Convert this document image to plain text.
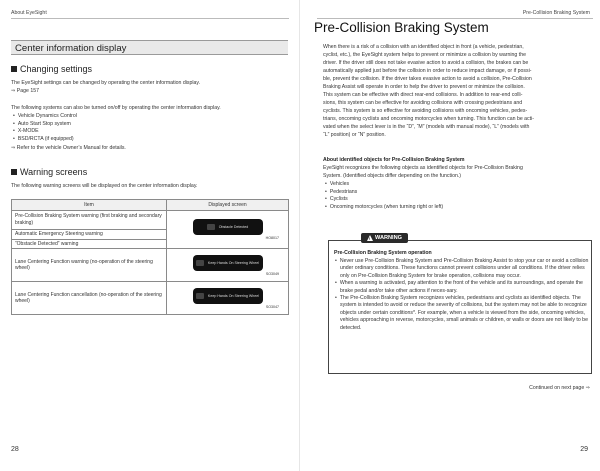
About EyeSight
Center information display
Changing settings
The EyeSight settings can be changed by operating the center information display.
⇒ Page 157
The following systems can also be turned on/off by operating the center information display.
• Vehicle Dynamics Control
• Auto Start Stop system
• X-MODE
• BSD/RCTA (if equipped)
⇒ Refer to the vehicle Owner’s Manual for details.
Warning screens
The following warning screens will be displayed on the center information display.
Item	Displayed screen
Pre-Collision Braking System warning (first braking and secondary braking)	Obstacle Detected
HO8017

Automatic Emergency Steering warning	
“Obstacle Detected” warning	
Lane Centering Function warning (no-operation of the steering wheel)	Keep Hands On Steering Wheel
SO3049

Lane Centering Function cancellation (no-operation of the steering wheel)	Keep Hands On Steering Wheel
SO3047
28
Pre-Collision Braking System
Pre-Collision Braking System
When there is a risk of a collision with an identified object in front (a vehicle, pedestrian,
cyclist, etc.), the EyeSight system helps to prevent or minimize a collision by warning the
driver. If the driver still does not take evasive action to avoid a collision, the brakes can be
automatically applied just before the collision in order to reduce impact damage, or if possi-
ble, prevent the collision. If the driver takes evasive action to avoid a collision, Pre-Collision
Braking Assist will operate in order to help the driver to prevent or minimize the collision.
This system can be effective with direct rear-end collisions. In addition to rear-end colli-
sions, this system can be effective for avoiding collisions with crossing pedestrians and
cyclists. This system is so effective for avoiding collisions with oncoming vehicles, pedes-
trians, oncoming cyclists and oncoming motorcycles when turning. This function can be acti-
vated when the select lever is in the “D”, “M” (models with manual mode), “L” (models with
“L” position) or “N” position.
About identified objects for Pre-Collision Braking System
EyeSight recognizes the following objects as identified objects for Pre-Collision Braking
System. (Identified objects differ depending on the function.)
• Vehicles
• Pedestrians
• Cyclists
• Oncoming motorcycles (when turning right or left)
!
WARNING
Pre-Collision Braking System operation
• Never use Pre-Collision Braking System and Pre-Collision Braking Assist to stop your car or avoid a collision under ordinary conditions. These functions cannot prevent collisions under all conditions. If the driver relies only on Pre-Collision Braking System for brake operation, collisions may occur.
• When a warning is activated, pay attention to the front of the vehicle and its surroundings, and operate the brake pedal and/or take other actions if neces-sary.
• The Pre-Collision Braking System recognizes vehicles, pedestrians and cyclists as identified objects. The system is intended to avoid or reduce the severity of collisions, but the system may not be able to recognize objects under certain conditions*. For example, when a vehicle is viewed from the side, oncoming vehicles, vehicles approaching in reverse, motorcycles, small animals or children, or walls or doors are not likely to be detected.
Continued on next page ⇒
29
